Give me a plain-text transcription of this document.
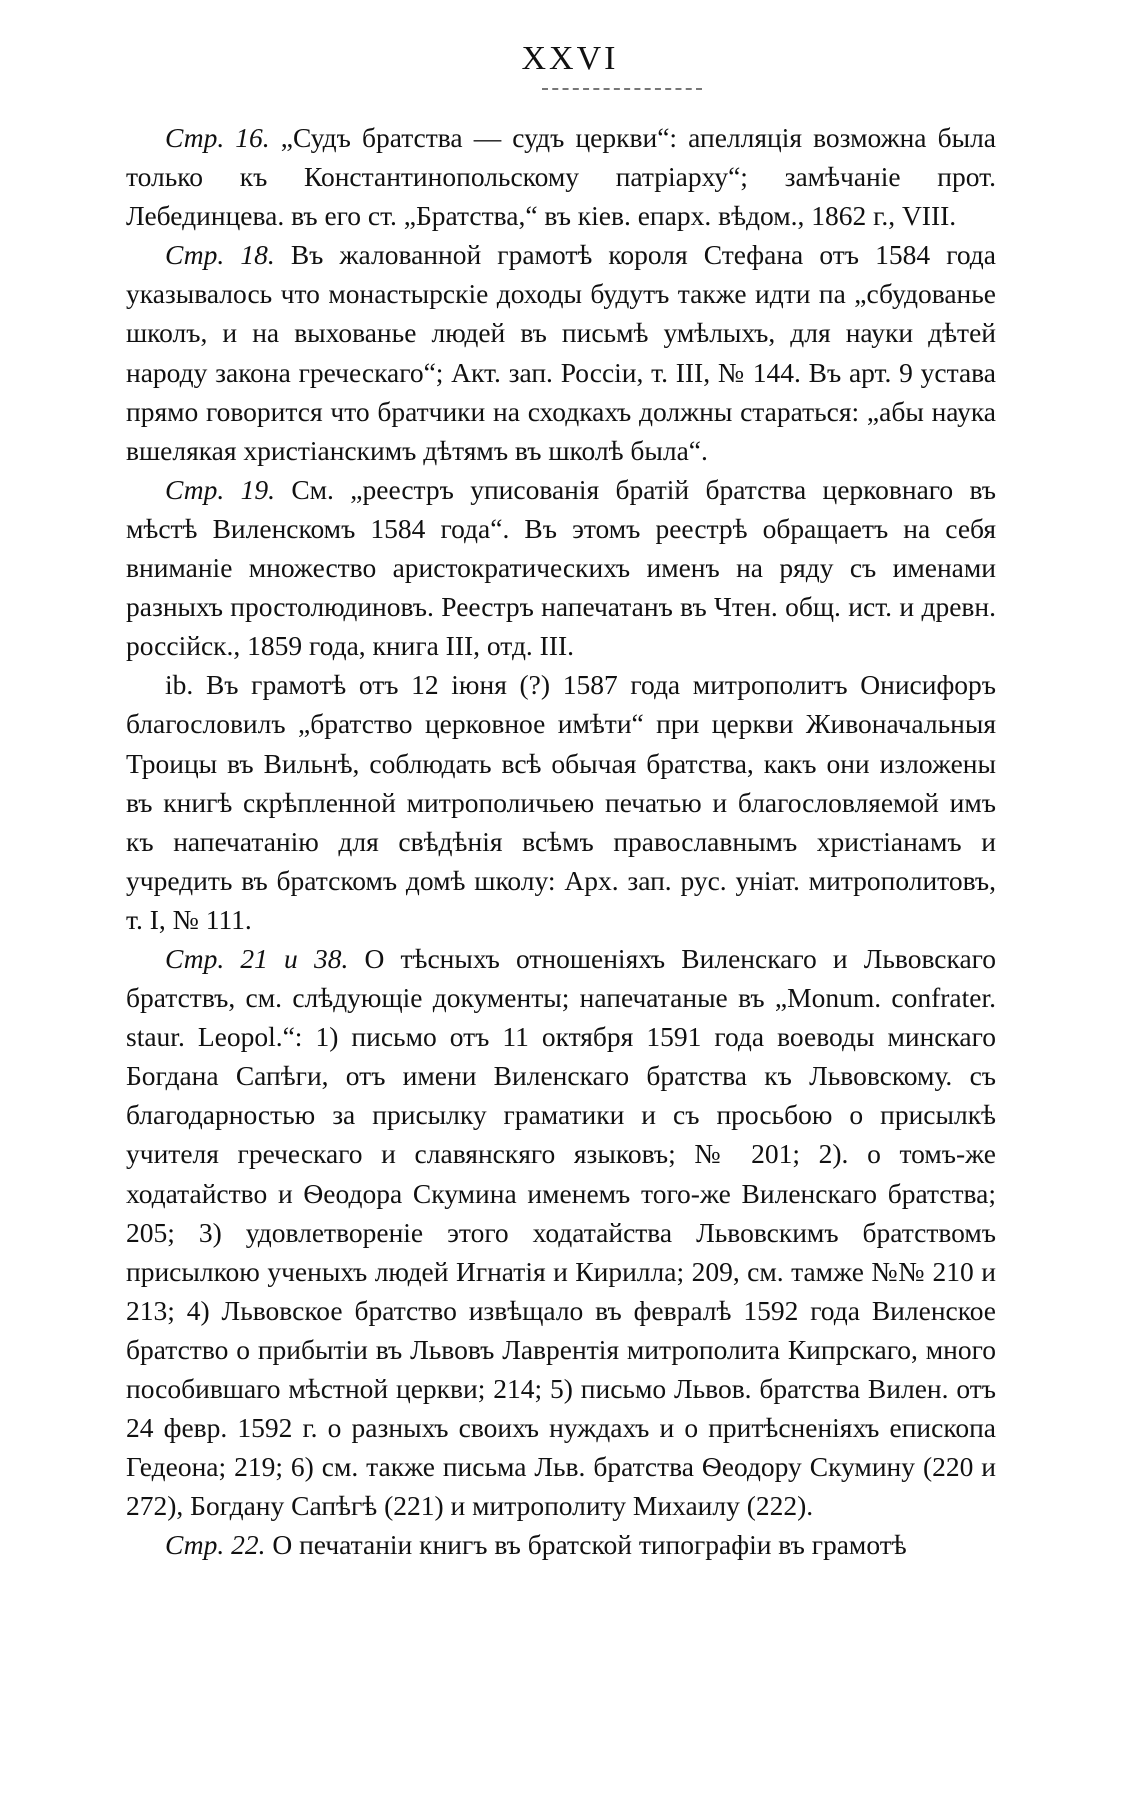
XXVI

Стр. 16. „Судъ братства — судъ церкви“: апелляція возможна была только къ Константинопольскому патріарху“; замѣчаніе прот. Лебединцева. въ его ст. „Братства,“ въ кіев. епарх. вѣдом., 1862 г., VIII.

Стр. 18. Въ жалованной грамотѣ короля Стефана отъ 1584 года указывалось что монастырскіе доходы будутъ также идти па „сбудованье школъ, и на выхованье людей въ письмѣ умѣлыхъ, для науки дѣтей народу закона греческаго“; Акт. зап. Россіи, т. III, № 144. Въ арт. 9 устава прямо говорится что братчики на сходкахъ должны стараться: „абы наука вшелякая христіанскимъ дѣтямъ въ школѣ была“.

Стр. 19. См. „реестръ уписованія братій братства церковнаго въ мѣстѣ Виленскомъ 1584 года“. Въ этомъ реестрѣ обращаетъ на себя вниманіе множество аристократическихъ именъ на ряду съ именами разныхъ простолюдиновъ. Реестръ напечатанъ въ Чтен. общ. ист. и древн. россійск., 1859 года, книга III, отд. III.

ib. Въ грамотѣ отъ 12 іюня (?) 1587 года митрополитъ Онисифоръ благословилъ „братство церковное имѣти“ при церкви Живоначальныя Троицы въ Вильнѣ, соблюдать всѣ обычая братства, какъ они изложены въ книгѣ скрѣпленной митрополичьею печатью и благословляемой имъ къ напечатанію для свѣдѣнія всѣмъ православнымъ христіанамъ и учредить въ братскомъ домѣ школу: Арх. зап. рус. уніат. митрополитовъ, т. I, № 111.

Стр. 21 и 38. О тѣсныхъ отношеніяхъ Виленскаго и Львовскаго братствъ, см. слѣдующіе документы; напечатаные въ „Monum. confrater. staur. Leopol.“: 1) письмо отъ 11 октября 1591 года воеводы минскаго Богдана Сапѣги, отъ имени Виленскаго братства къ Львовскому. съ благодарностью за присылку граматики и съ просьбою о присылкѣ учителя греческаго и славянскяго языковъ; № 201; 2). о томъ-же ходатайство и Ѳеодора Скумина именемъ того-же Виленскаго братства; 205; 3) удовлетвореніе этого ходатайства Львовскимъ братствомъ присылкою ученыхъ людей Игнатія и Кирилла; 209, см. тамже №№ 210 и 213; 4) Львовское братство извѣщало въ февралѣ 1592 года Виленское братство о прибытіи въ Львовъ Лаврентія митрополита Кипрскаго, много пособившаго мѣстной церкви; 214; 5) письмо Львов. братства Вилен. отъ 24 февр. 1592 г. о разныхъ своихъ нуждахъ и о притѣсненіяхъ епископа Гедеона; 219; 6) см. также письма Льв. братства Ѳеодору Скумину (220 и 272), Богдану Сапѣгѣ (221) и митрополиту Михаилу (222).

Стр. 22. О печатаніи книгъ въ братской типографіи въ грамотѣ
